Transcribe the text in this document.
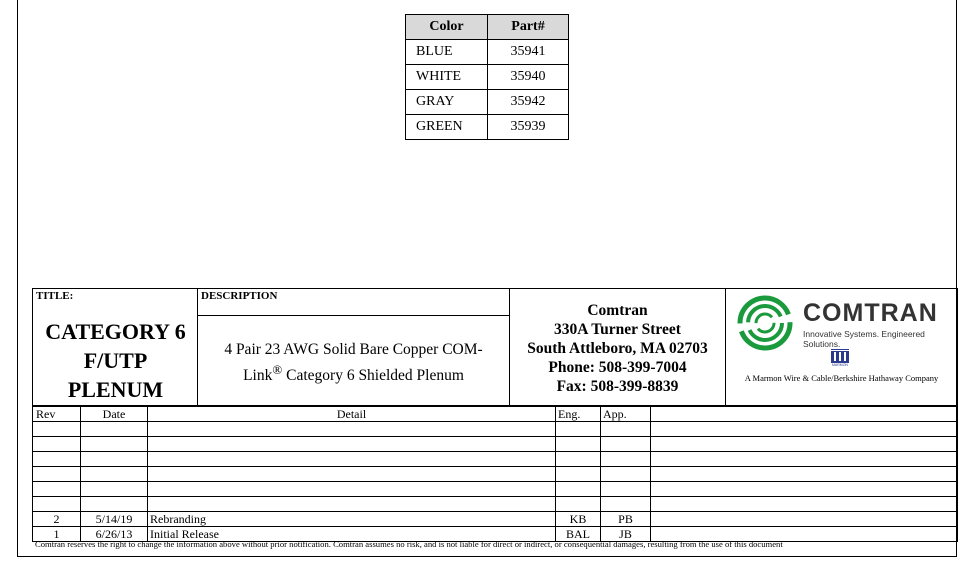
Color	Part#
BLUE	35941
WHITE	35940
GRAY	35942
GREEN	35939
TITLE:
CATEGORY 6
F/UTP
PLENUM
DESCRIPTION
4 Pair 23 AWG Solid Bare Copper COM-
Link® Category 6 Shielded Plenum
Comtran
330A Turner Street
South Attleboro, MA 02703
Phone: 508-399-7004
Fax: 508-399-8839
COMTRAN
Innovative Systems. Engineered Solutions.
MARMON
A Marmon Wire & Cable/Berkshire Hathaway Company
Rev	Date	Detail	Eng.	App.	

2	5/14/19	Rebranding	KB	PB	
1	6/26/13	Initial Release	BAL	JB	
Comtran reserves the right to change the information above without prior notification. Comtran assumes no risk, and is not liable for direct or indirect, or consequential damages, resulting from the use of this document
